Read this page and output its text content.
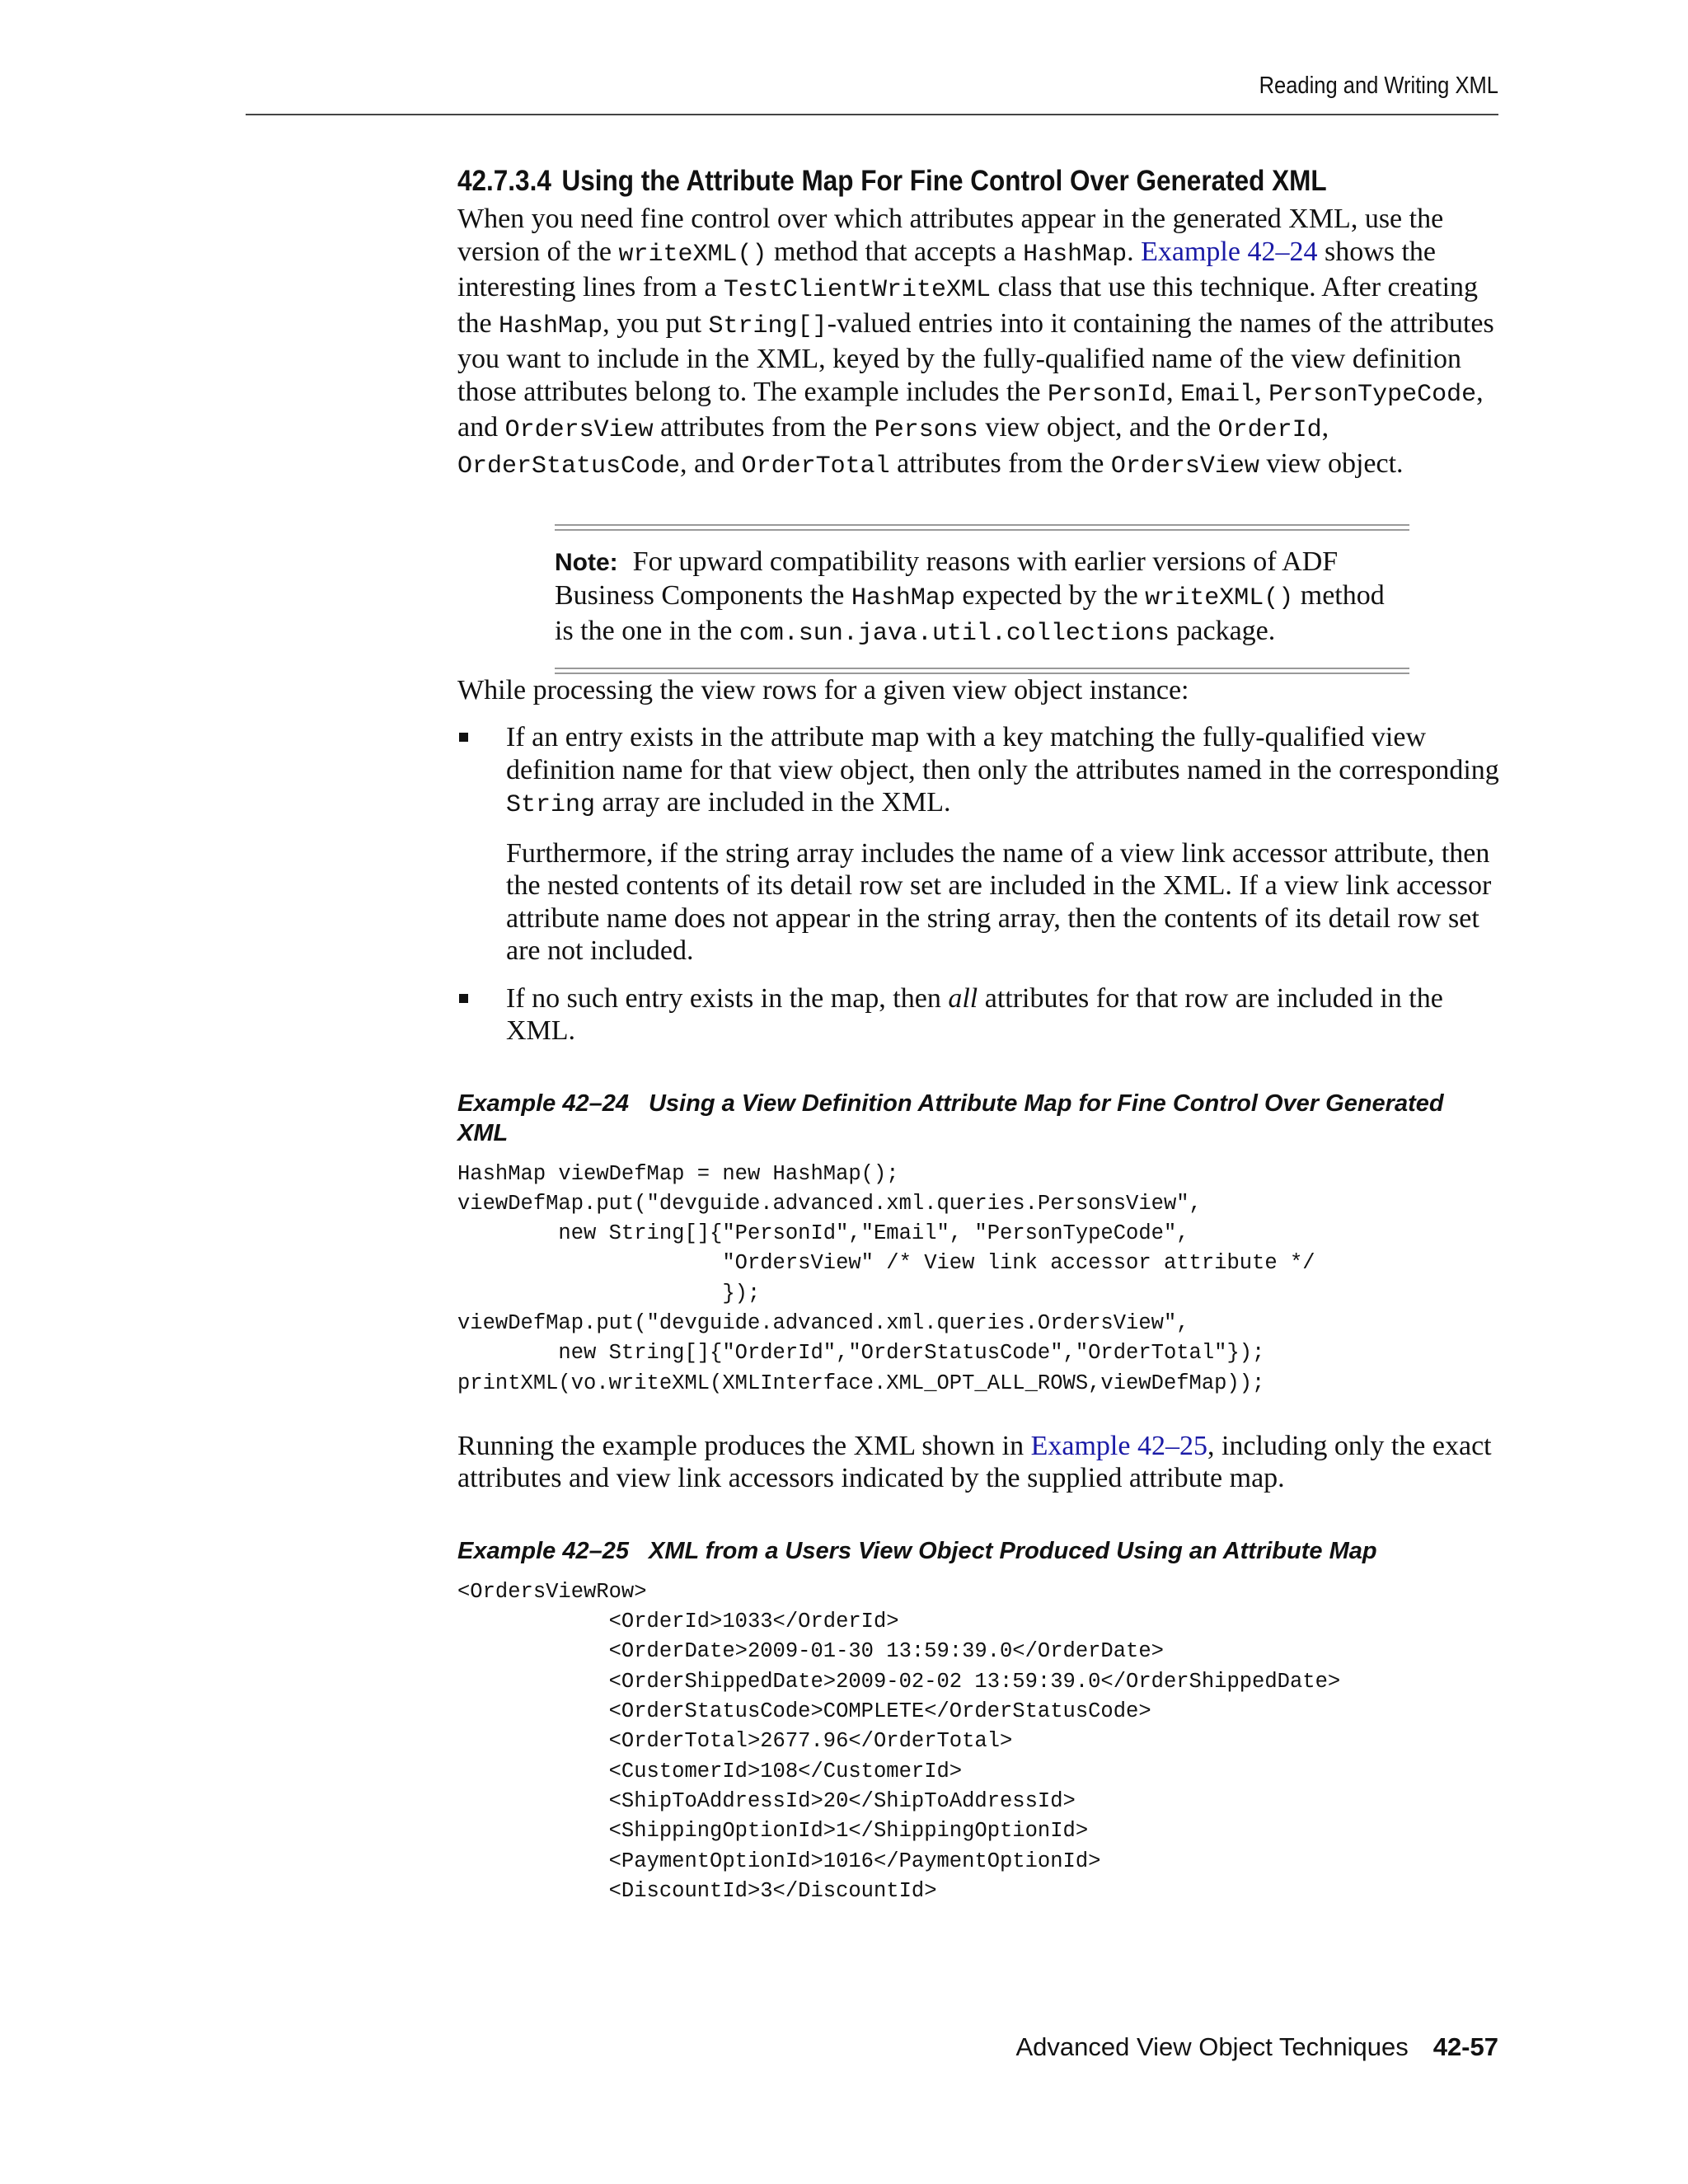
Reading and Writing XML
42.7.3.4 Using the Attribute Map For Fine Control Over Generated XML

When you need fine control over which attributes appear in the generated XML, use the version of the writeXML() method that accepts a HashMap. Example 42–24 shows the interesting lines from a TestClientWriteXML class that use this technique. After creating the HashMap, you put String[]-valued entries into it containing the names of the attributes you want to include in the XML, keyed by the fully-qualified name of the view definition those attributes belong to. The example includes the PersonId, Email, PersonTypeCode, and OrdersView attributes from the Persons view object, and the OrderId, OrderStatusCode, and OrderTotal attributes from the OrdersView view object.

Note: For upward compatibility reasons with earlier versions of ADF Business Components the HashMap expected by the writeXML() method is the one in the com.sun.java.util.collections package.

While processing the view rows for a given view object instance:

If an entry exists in the attribute map with a key matching the fully-qualified view definition name for that view object, then only the attributes named in the corresponding String array are included in the XML.

Furthermore, if the string array includes the name of a view link accessor attribute, then the nested contents of its detail row set are included in the XML. If a view link accessor attribute name does not appear in the string array, then the contents of its detail row set are not included.

If no such entry exists in the map, then all attributes for that row are included in the XML.

Example 42–24 Using a View Definition Attribute Map for Fine Control Over Generated XML
HashMap viewDefMap = new HashMap();
viewDefMap.put("devguide.advanced.xml.queries.PersonsView",
new String[]{"PersonId","Email", "PersonTypeCode",
"OrdersView" /* View link accessor attribute */
});
viewDefMap.put("devguide.advanced.xml.queries.OrdersView",
new String[]{"OrderId","OrderStatusCode","OrderTotal"});
printXML(vo.writeXML(XMLInterface.XML_OPT_ALL_ROWS,viewDefMap));

Running the example produces the XML shown in Example 42–25, including only the exact attributes and view link accessors indicated by the supplied attribute map.

Example 42–25 XML from a Users View Object Produced Using an Attribute Map
<OrdersViewRow>
<OrderId>1033</OrderId>
<OrderDate>2009-01-30 13:59:39.0</OrderDate>
<OrderShippedDate>2009-02-02 13:59:39.0</OrderShippedDate>
<OrderStatusCode>COMPLETE</OrderStatusCode>
<OrderTotal>2677.96</OrderTotal>
<CustomerId>108</CustomerId>
<ShipToAddressId>20</ShipToAddressId>
<ShippingOptionId>1</ShippingOptionId>
<PaymentOptionId>1016</PaymentOptionId>
<DiscountId>3</DiscountId>
Advanced View Object Techniques 42-57
